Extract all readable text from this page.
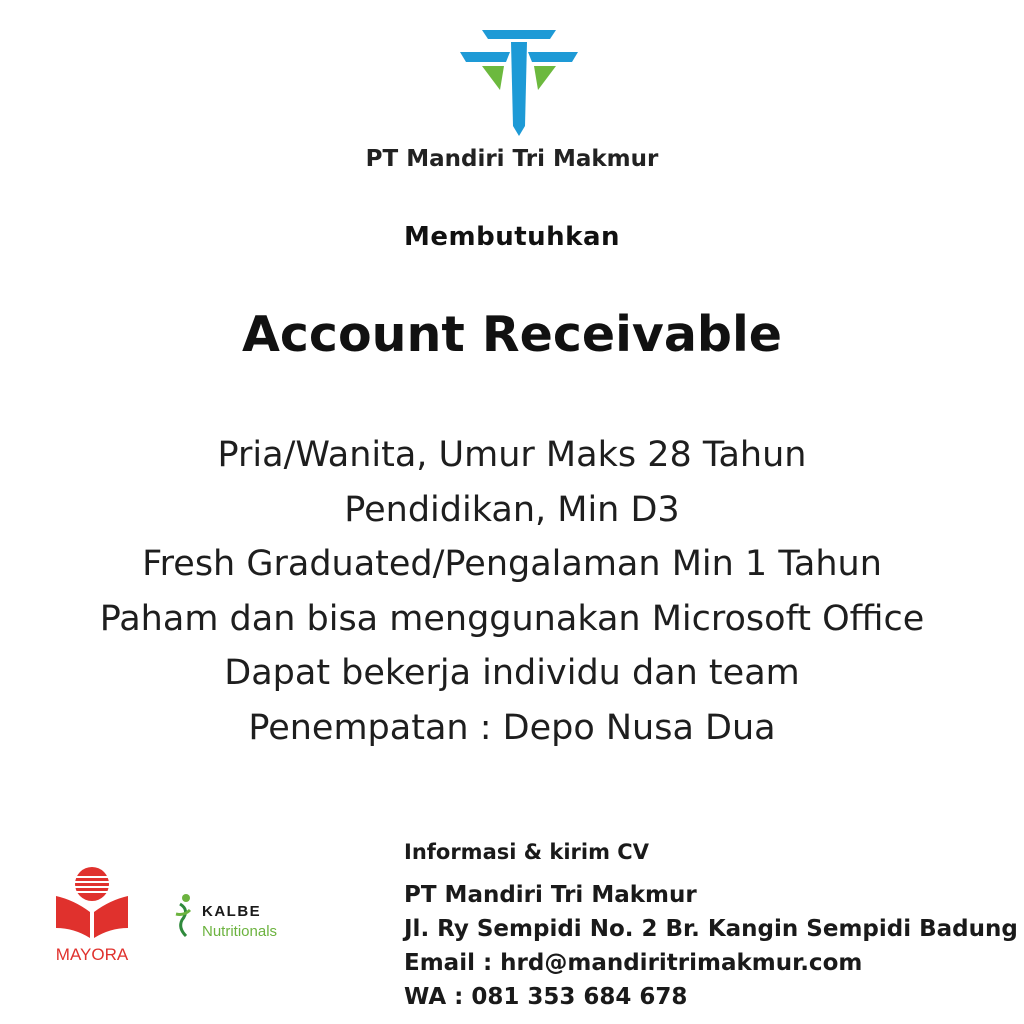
PT Mandiri Tri Makmur
Membutuhkan
Account Receivable
Pria/Wanita, Umur Maks 28 Tahun
Pendidikan, Min D3
Fresh Graduated/Pengalaman Min 1 Tahun
Paham dan bisa menggunakan Microsoft Office
Dapat bekerja individu dan team
Penempatan : Depo Nusa Dua
MAYORA
KALBE
Nutritionals
Informasi & kirim CV
PT Mandiri Tri Makmur
Jl. Ry Sempidi No. 2 Br. Kangin Sempidi Badung
Email : hrd@mandiritrimakmur.com
WA : 081 353 684 678
